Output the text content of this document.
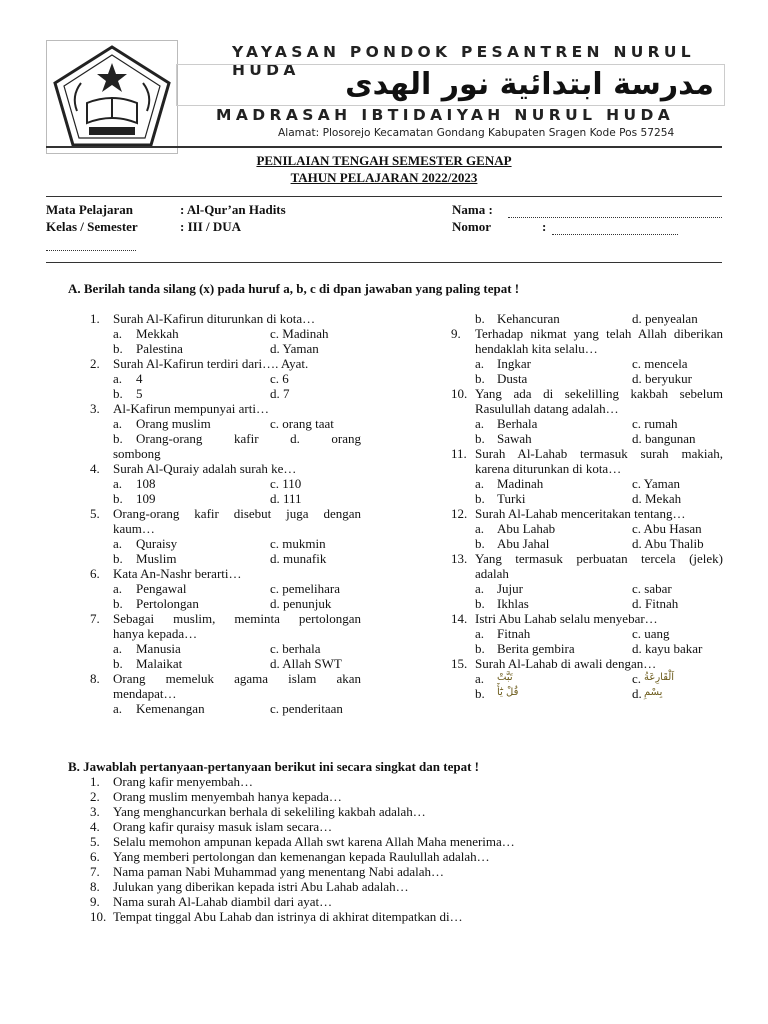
YAYASAN PONDOK PESANTREN NURUL HUDA	مدرسة ابتدائية نور الهدى
MADRASAH IBTIDAIYAH NURUL HUDA
Alamat: Plosorejo Kecamatan Gondang Kabupaten Sragen Kode Pos 57254
PENILAIAN TENGAH SEMESTER GENAP
TAHUN PELAJARAN 2022/2023
Mata Pelajaran	: Al-Qur’an Hadits	Nama :
Kelas / Semester	: III / DUA	Nomor	:
A. Berilah tanda silang (x) pada huruf a, b, c di dpan jawaban yang paling tepat !
B. Jawablah pertanyaan-pertanyaan berikut ini secara singkat dan tepat !
1. Surah Al-Kafirun diturunkan di kota…
a. Mekkah	c. Madinah
b. Palestina	d. Yaman
2. Surah Al-Kafirun terdiri dari…. Ayat.
a. 4	c. 6
b. 5	d. 7
3. Al-Kafirun mempunyai arti…
a. Orang muslim	c. orang taat
b. Orang-orang kafir d. orang
sombong
4. Surah Al-Quraiy adalah surah ke…
a. 108	c. 110
b. 109	d. 111
5. Orang-orang kafir disebut juga dengan
kaum…
a. Quraisy	c. mukmin
b. Muslim	d. munafik
6. Kata An-Nashr berarti…
a. Pengawal	c. pemelihara
b. Pertolongan	d. penunjuk
7. Sebagai muslim, meminta pertolongan
hanya kepada…
a. Manusia	c. berhala
b. Malaikat	d. Allah SWT
8. Orang memeluk agama islam akan
mendapat…
a. Kemenangan	c. penderitaan
b. Kehancuran	d. penyealan
9. Terhadap nikmat yang telah Allah diberikan
hendaklah kita selalu…
a. Ingkar	c. mencela
b. Dusta	d. beryukur
10. Yang ada di sekelilling kakbah sebelum
Rasulullah datang adalah…
a. Berhala	c. rumah
b. Sawah	d. bangunan
11. Surah Al-Lahab termasuk surah makiah,
karena diturunkan di kota…
a. Madinah	c. Yaman
b. Turki	d. Mekah
12. Surah Al-Lahab menceritakan tentang…
a. Abu Lahab	c. Abu Hasan
b. Abu Jahal	d. Abu Thalib
13. Yang termasuk perbuatan tercela (jelek)
adalah
a. Jujur	c. sabar
b. Ikhlas	d. Fitnah
14. Istri Abu Lahab selalu menyebar…
a. Fitnah	c. uang
b. Berita gembira	d. kayu bakar
15. Surah Al-Lahab di awali dengan…
a. تَبَّتْ	c. اَلْقَارِعَةُ
b. قُلْ يَٰٓأَ	d. بِسْمِ
1. Orang kafir menyembah…
2. Orang muslim menyembah hanya kepada…
3. Yang menghancurkan berhala di sekeliling kakbah adalah…
4. Orang kafir quraisy masuk islam secara…
5. Selalu memohon ampunan kepada Allah swt karena Allah Maha menerima…
6. Yang memberi pertolongan dan kemenangan kepada Raulullah adalah…
7. Nama paman Nabi Muhammad yang menentang Nabi adalah…
8. Julukan yang diberikan kepada istri Abu Lahab adalah…
9. Nama surah Al-Lahab diambil dari ayat…
10. Tempat tinggal Abu Lahab dan istrinya di akhirat ditempatkan di…
